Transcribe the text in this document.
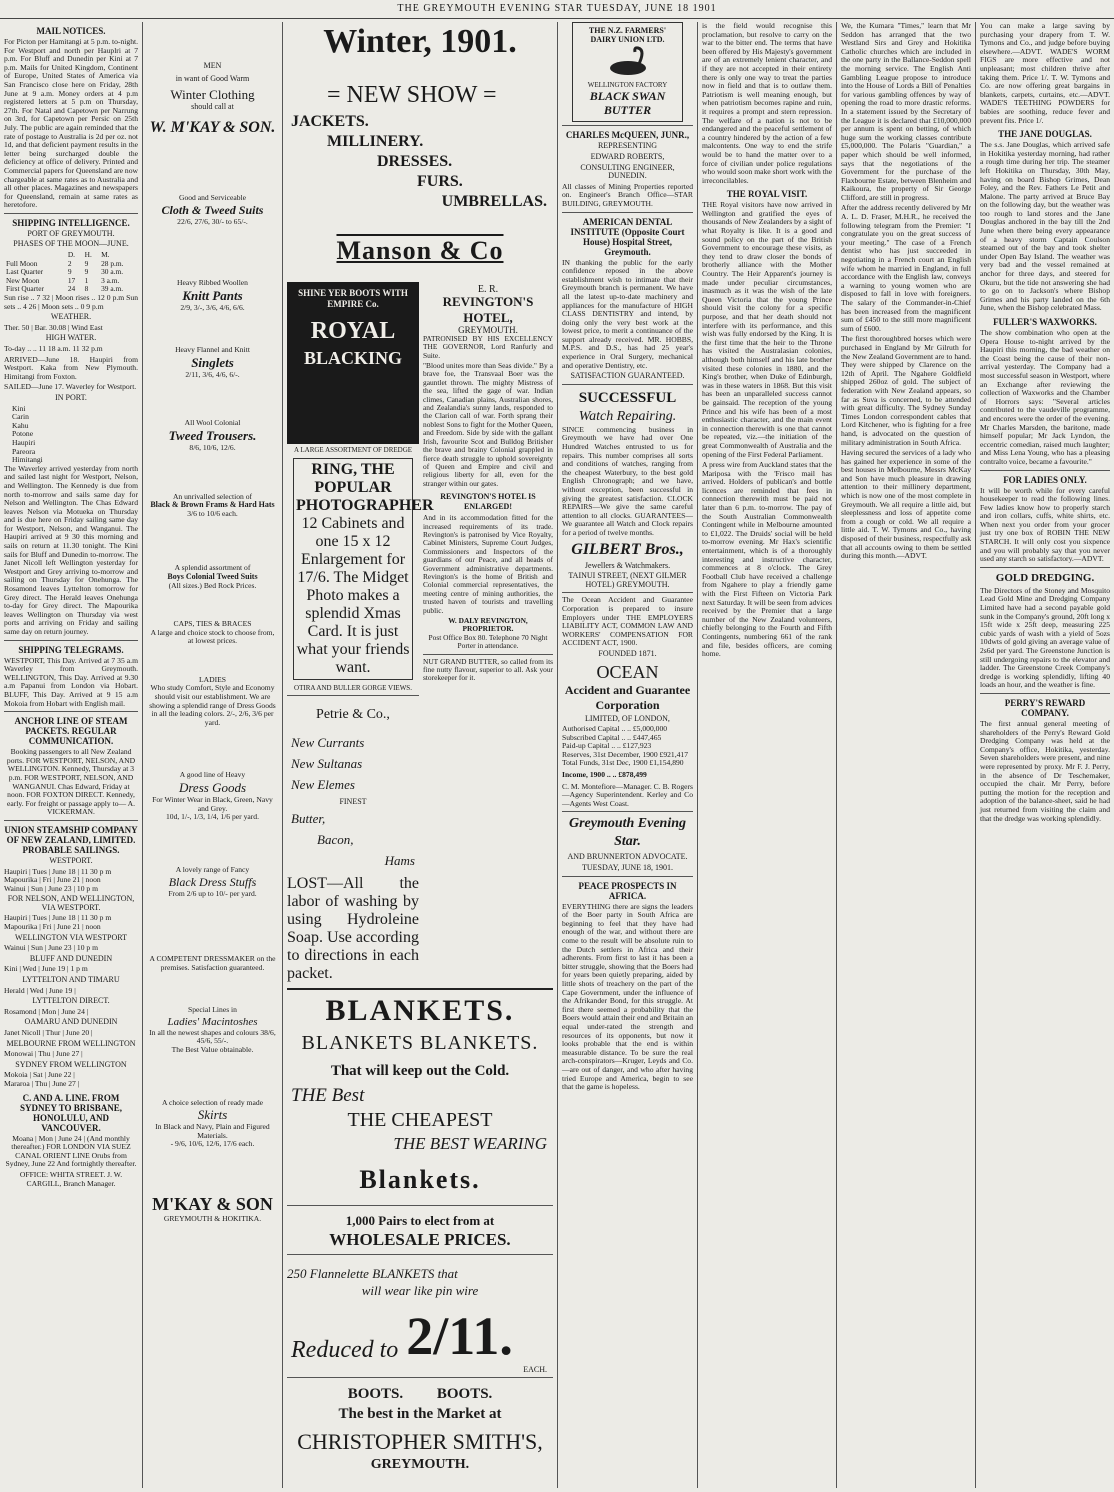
THE GREYMOUTH EVENING STAR TUESDAY, JUNE 18 1901
MAIL NOTICES.

For Picton per Hamitangi at 5 p.m. to-night. For Westport and north per Hauplri at 7 p.m. For Bluff and Dunedin per Kini at 7 p.m. Mails for United Kingdom, Continent of Europe, United States of America via San Francisco close here on Friday, 28th June at 9 a.m. Money orders at 4 p.m registered letters at 5 p.m on Thursday, 27th. For Natal and Capetown per Narrung on 3rd, for Capetown per Persic on 25th July. The public are again reminded that the rate of postage to Australia is 2d per oz. not 1d, and that deficient payment results in the letter being surcharged double the deficiency at office of delivery. Printed and Commercial papers for Queensland are now chargeable at same rates as to Australia and all other places. Magazines and newspapers for Queensland, remain at same rates as heretofore.

SHIPPING INTELLIGENCE.
PORT OF GREYMOUTH.
PHASES OF THE MOON—JUNE.
	D.	H.	M.
Full Moon	2	9	28 p.m.
Last Quarter	9	9	30 a.m.
New Moon	17	1	3 a.m.
First Quarter	24	8	39 a.m.

Sun rise .. 7 32 | Moon rises .. 12 0 p.m Sun sets .. 4 26 | Moon sets .. 0 9 p.m

WEATHER.

Ther. 50 | Bar. 30.08 | Wind East

HIGH WATER.

To-day .. .. 11 18 a.m. 11 32 p.m

ARRIVED—June 18. Haupiri from Westport. Kaka from New Plymouth. Himitangi from Foxton.

SAILED—June 17. Waverley for Westport.

IN PORT.
Kini
Carin
Kahu
Potone
Haupiri
Pareora
Himitangi

The Waverley arrived yesterday from north and sailed last night for Westport, Nelson, and Wellington. The Kennedy is due from north to-morrow and sails same day for Nelson and Wellington. The Chas Edward leaves Nelson via Motueka on Thursday and is due here on Friday sailing same day for Westport, Nelson, and Wanganui. The Haupiri arrived at 9 30 this morning and sails on return at 11.30 tonight. The Kini sails for Bluff and Dunedin to-morrow. The Janet Nicoll left Wellington yesterday for Westport and Grey arriving to-morrow and sailing on Thursday for Onehunga. The Rosamond leaves Lyttelton tomorrow for Grey direct. The Herald leaves Onehunga to-day for Grey direct. The Mapourika leaves Wellington on Thursday via west ports and arriving on Friday and sailing same day on return journey.

SHIPPING TELEGRAMS.

WESTPORT, This Day. Arrived at 7 35 a.m Waverley from Greymouth. WELLINGTON, This Day. Arrived at 9.30 a.m Papanui from London via Hobart. BLUFF, This Day. Arrived at 9 15 a.m Mokoia from Hobart with English mail.

ANCHOR LINE OF STEAM PACKETS. REGULAR COMMUNICATION.

Booking passengers to all New Zealand ports. FOR WESTPORT, NELSON, AND WELLINGTON. Kennedy, Thursday at 3 p.m. FOR WESTPORT, NELSON, AND WANGANUI. Chas Edward, Friday at noon. FOR FOXTON DIRECT. Kennedy, early. For freight or passage apply to— A. VICKERMAN.

UNION STEAMSHIP COMPANY OF NEW ZEALAND, LIMITED. PROBABLE SAILINGS.
WESTPORT.
Haupiri | Tues | June 18 | 11 30 p m
Mapourika | Fri | June 21 | noon
Wainui | Sun | June 23 | 10 p m
FOR NELSON, AND WELLINGTON, VIA WESTPORT.
Haupiri | Tues | June 18 | 11 30 p m
Mapourika | Fri | June 21 | noon
WELLINGTON VIA WESTPORT
Wainui | Sun | June 23 | 10 p m
BLUFF AND DUNEDIN
Kini | Wed | June 19 | 1 p m
LYTTELTON AND TIMARU
Herald | Wed | June 19 |
LYTTELTON DIRECT.
Rosamond | Mon | June 24 |
OAMARU AND DUNEDIN
Janet Nicoll | Thur | June 20 |
MELBOURNE FROM WELLINGTON
Monowai | Thu | June 27 |
SYDNEY FROM WELLINGTON
Mokoia | Sat | June 22 |
Mararoa | Thu | June 27 |
C. AND A. LINE. FROM SYDNEY TO BRISBANE, HONOLULU, AND VANCOUVER.

Moana | Mon | June 24 | (And monthly thereafter.) FOR LONDON VIA SUEZ CANAL ORIENT LINE Orubs from Sydney, June 22 And fortnightly thereafter.

OFFICE: WHITA STREET. J. W. CARGILL, Branch Manager.

MEN
in want of Good Warm
Winter Clothing
should call at
W. M'KAY & SON.
Good and Serviceable
Cloth & Tweed Suits
22/6, 27/6, 30/- to 65/-.
Heavy Ribbed Woollen
Knitt Pants
2/9, 3/-, 3/6, 4/6, 6/6.
Heavy Flannel and Knitt
Singlets
2/11, 3/6, 4/6, 6/-.
All Wool Colonial
Tweed Trousers.
8/6, 10/6, 12/6.
An unrivalled selection of
Black & Brown Frams & Hard Hats
3/6 to 10/6 each.
A splendid assortment of
Boys Colonial Tweed Suits
(All sizes.) Bed Rock Prices.
CAPS, TIES & BRACES
A large and choice stock to choose from, at lowest prices.
LADIES
Who study Comfort, Style and Economy should visit our establishment. We are showing a splendid range of Dress Goods in all the leading colors. 2/-, 2/6, 3/6 per yard.
A good line of Heavy
Dress Goods
For Winter Wear in Black, Green, Navy and Grey.
10d, 1/-, 1/3, 1/4, 1/6 per yard.
A lovely range of Fancy
Black Dress Stuffs
From 2/6 up to 10/- per yard.
A COMPETENT DRESSMAKER on the premises. Satisfaction guaranteed.
Special Lines in
Ladies' Macintoshes
In all the newest shapes and colours 38/6, 45/6, 55/-.
The Best Value obtainable.
A choice selection of ready made
Skirts
In Black and Navy, Plain and Figured Materials.
- 9/6, 10/6, 12/6, 17/6 each.
M'KAY & SON
GREYMOUTH & HOKITIKA.
Winter, 1901.
= NEW SHOW =
JACKETS.
MILLINERY.
DRESSES.
FURS.
UMBRELLAS.
Manson & Co
SHINE YER BOOTS WITH EMPIRE Co.
ROYAL
BLACKING
A LARGE ASSORTMENT OF DREDGE
RING, THE POPULAR PHOTOGRAPHER
12 Cabinets and one 15 x 12 Enlargement for 17/6. The Midget Photo makes a splendid Xmas Card. It is just what your friends want.
OTIRA AND BULLER GORGE VIEWS.
Petrie & Co.,
New Currants
New Sultanas
New Elemes
FINEST
Butter,
Bacon,
Hams

LOST—All the labor of washing by using Hydroleine Soap. Use according to directions in each packet.

E. R.
REVINGTON'S HOTEL,
GREYMOUTH.

PATRONISED BY HIS EXCELLENCY THE GOVERNOR, Lord Ranfurly and Suite.

"Blood unites more than Seas divide." By a brave foe, the Transvaal Boer was the gauntlet thrown. The mighty Mistress of the sea, lifted the gage of war. Indian climes, Canadian plains, Australian shores, and Zealandia's sunny lands, responded to the Clarion call of war. Forth sprang their noblest Sons to fight for the Mother Queen, and Freedom. Side by side with the gallant Irish, favourite Scot and Bulldog Britisher the brave and brainy Colonial grappled in fierce death struggle to uphold sovereignty of Queen and Empire and civil and religious liberty for all, even for the stranger within our gates.

REVINGTON'S HOTEL IS ENLARGED!

And in its accommodation fitted for the increased requirements of its trade. Revington's is patronised by Vice Royalty, Cabinet Ministers, Supreme Court Judges, Commissioners and Inspectors of the guardians of our Peace, and all heads of Government administrative departments. Revington's is the home of British and Colonial commercial representatives, the meeting centre of mining authorities, the trusted haven of tourists and travelling public.

W. DALY REVINGTON, PROPRIETOR.
Post Office Box 80. Telephone 70 Night Porter in attendance.

NUT GRAND BUTTER, so called from its fine nutty flavour, superior to all. Ask your storekeeper for it.

BLANKETS.
BLANKETS BLANKETS.
That will keep out the Cold.
THE Best
THE CHEAPEST
THE BEST WEARING
Blankets.
1,000 Pairs to elect from at
WHOLESALE PRICES.
250 Flannelette BLANKETS that
will wear like pin wire
Reduced to 2/11.
EACH.
BOOTS. BOOTS.
The best in the Market at
CHRISTOPHER SMITH'S,
GREYMOUTH.
THE N.Z. FARMERS' DAIRY UNION LTD.
WELLINGTON FACTORY
BLACK SWAN BUTTER
CHARLES McQUEEN, JUNR.,
REPRESENTING
EDWARD ROBERTS,
CONSULTING ENGINEER, DUNEDIN.

All classes of Mining Properties reported on. Engineer's Branch Office—STAR BUILDING, GREYMOUTH.

AMERICAN DENTAL INSTITUTE (Opposite Court House) Hospital Street, Greymouth.

IN thanking the public for the early confidence reposed in the above establishment wish to intimate that their Greymouth branch is permanent. We have all the latest up-to-date machinery and appliances for the manufacture of HIGH CLASS DENTISTRY and intend, by doing only the very best work at the lowest price, to merit a continuance of the support already received. MR. HOBBS, M.P.S. and D.S., has had 25 year's experience in Oral Surgery, mechanical and operative Dentistry, etc.

SATISFACTION GUARANTEED.
SUCCESSFUL
Watch Repairing.

SINCE commencing business in Greymouth we have had over One Hundred Watches entrusted to us for repairs. This number comprises all sorts and conditions of watches, ranging from the cheapest Waterbury, to the best gold English Chronograph; and we have, without exception, been successful in giving the greatest satisfaction. CLOCK REPAIRS—We give the same careful attention to all clocks. GUARANTEES—We guarantee all Watch and Clock repairs for a period of twelve months.

GILBERT Bros.,
Jewellers & Watchmakers.
TAINUI STREET, (NEXT GILMER HOTEL) GREYMOUTH.

The Ocean Accident and Guarantee Corporation is prepared to insure Employers under THE EMPLOYERS LIABILITY ACT, COMMON LAW AND WORKERS' COMPENSATION FOR ACCIDENT ACT, 1900.

FOUNDED 1871.
OCEAN
Accident and Guarantee Corporation
LIMITED, OF LONDON,
Authorised Capital .. .. £5,000,000
Subscribed Capital .. .. £447,465
Paid-up Capital .. .. £127,923
Reserves, 31st December, 1900 £921,417
Total Funds, 31st Dec, 1900 £1,154,890
Income, 1900 .. .. £878,499

C. M. Montefiore—Manager. C. B. Rogers—Agency Superintendent. Kerley and Co—Agents West Coast.

Greymouth Evening Star.
AND BRUNNERTON ADVOCATE.
TUESDAY, JUNE 18, 1901.
PEACE PROSPECTS IN AFRICA.

EVERYTHING there are signs the leaders of the Boer party in South Africa are beginning to feel that they have had enough of the war, and without there are come to the result will be absolute ruin to the Dutch settlers in Africa and their adherents. From first to last it has been a bitter struggle, showing that the Boers had for years been quietly preparing, aided by little shots of treachery on the part of the Cape Government, under the influence of the Afrikander Bond, for this struggle. At first there seemed a probability that the Boers would attain their end and Britain an equal under-rated the strength and resources of its opponents, but now it looks probable that the end is within measurable distance. To be sure the real arch-conspirators—Kruger, Leyds and Co.—are out of danger, and who after having tried Europe and America, begin to see that the game is hopeless.

is the field would recognise this proclamation, but resolve to carry on the war to the bitter end. The terms that have been offered by His Majesty's government are of an extremely lenient character, and if they are not accepted in their entirety there is only one way to treat the parties now in field and that is to outlaw them. Patriotism is well meaning enough, but when patriotism becomes rapine and ruin, it requires a prompt and stern repression. The welfare of a nation is not to be endangered and the peaceful settlement of a country hindered by the action of a few malcontents. One way to end the strife would be to hand the matter over to a force of civilian under police regulations who would soon make short work with the irreconcilables.

THE ROYAL VISIT.

THE Royal visitors have now arrived in Wellington and gratified the eyes of thousands of New Zealanders by a sight of what Royalty is like. It is a good and sound policy on the part of the British Government to encourage these visits, as they tend to draw closer the bonds of brotherly alliance with the Mother Country. The Heir Apparent's journey is made under peculiar circumstances, inasmuch as it was the wish of the late Queen Victoria that the young Prince should visit the colony for a specific purpose, and that her death should not interfere with its performance, and this wish was fully endorsed by the King. It is the first time that the heir to the Throne has visited the Australasian colonies, although both himself and his late brother visited these colonies in 1880, and the King's brother, when Duke of Edinburgh, was in these waters in 1868. But this visit has been an unparalleled success cannot be gainsaid. The reception of the young Prince and his wife has been of a most enthusiastic character, and the main event in connection therewith is one that cannot be repeated, viz.—the initiation of the great Commonwealth of Australia and the opening of the First Federal Parliament.

A press wire from Auckland states that the Mariposa with the 'Frisco mail has arrived. Holders of publican's and bottle licences are reminded that fees in connection therewith must be paid not later than 6 p.m. to-morrow. The pay of the South Australian Commonwealth Contingent while in Melbourne amounted to £1,022. The Druids' social will be held to-morrow evening. Mr Hax's scientific entertainment, which is of a thoroughly interesting and instructive character, commences at 8 o'clock. The Grey Football Club have received a challenge from Ngahere to play a friendly game with the First Fifteen on Victoria Park next Saturday. It will be seen from advices received by the Premier that a large number of the New Zealand volunteers, chiefly belonging to the Fourth and Fifth Contingents, numbering 661 of the rank and file, besides officers, are coming home.

We, the Kumara "Times," learn that Mr Seddon has arranged that the two Westland Sirs and Grey and Hokitika Catholic churches which are included in the one party in the Ballance-Seddon spell the morning service. The English Anti Gambling League propose to introduce into the House of Lords a Bill of Penalties for various gambling offences by way of opening the road to more drastic reforms. In a statement issued by the Secretary of the League it is declared that £10,000,000 per annum is spent on betting, of which huge sum the working classes contribute £5,000,000. The Polaris "Guardian," a paper which should be well informed, says that the negotiations of the Government for the purchase of the Flaxbourne Estate, between Blenheim and Kaikoura, the property of Sir George Clifford, are still in progress.

After the address recently delivered by Mr A. L. D. Fraser, M.H.R., he received the following telegram from the Premier: "I congratulate you on the great success of your meeting." The case of a French dentist who has just succeeded in negotiating in a French court an English wife whom he married in England, in full accordance with the English law, conveys a warning to young women who are disposed to fall in love with foreigners. The salary of the Commander-in-Chief has been increased from the magnificent sum of £450 to the still more magnificent sum of £600.

The first thoroughbred horses which were purchased in England by Mr Gilruth for the New Zealand Government are to hand. They were shipped by Clarence on the 12th of April. The Ngahere Goldfield shipped 260oz of gold. The subject of federation with New Zealand appears, so far as Suva is concerned, to be attended with great difficulty. The Sydney Sunday Times London correspondent cables that Lord Kitchener, who is fighting for a free hand, is advocated on the question of military administration in South Africa.

Having secured the services of a lady who has gained her experience in some of the best houses in Melbourne, Messrs McKay and Son have much pleasure in drawing attention to their millinery department, which is now one of the most complete in Greymouth. We all require a little aid, but sleeplessness and loss of appetite come from a cough or cold. We all require a little aid. T. W. Tymons and Co., having disposed of their business, respectfully ask that all accounts owing to them be settled during this month.—ADVT.

You can make a large saving by purchasing your drapery from T. W. Tymons and Co., and judge before buying elsewhere.—ADVT. WADE'S WORM FIGS are more effective and not unpleasant; most children thrive after taking them. Price 1/. T. W. Tymons and Co. are now offering great bargains in blankets, carpets, curtains, etc.—ADVT. WADE'S TEETHING POWDERS for babies are soothing, reduce fever and prevent fits. Price 1/.

THE JANE DOUGLAS.

The s.s. Jane Douglas, which arrived safe in Hokitika yesterday morning, had rather a rough time during her trip. The steamer left Hokitika on Thursday, 30th May, having on board Bishop Grimes, Dean Foley, and the Rev. Fathers Le Petit and Malone. The party arrived at Bruce Bay on the following day, but the weather was too rough to land stores and the Jane Douglas anchored in the bay till the 2nd June when there being every appearance of a heavy storm Captain Coulson steamed out of the bay and took shelter under Open Bay Island. The weather was very bad and the vessel remained at anchor for three days, and steered for Okuru, but the tide not answering she had to go on to Jackson's where Bishop Grimes and his party landed on the 6th June, when the Bishop celebrated Mass.

FULLER'S WAXWORKS.

The show combination who open at the Opera House to-night arrived by the Haupiri this morning, the bad weather on the Coast being the cause of their non-arrival yesterday. The Company had a most successful season in Westport, where an Exchange after reviewing the collection of Waxworks and the Chamber of Horrors says: "Several articles contributed to the vaudeville programme, and encores were the order of the evening. Mr Charles Marsden, the baritone, made himself popular; Mr Jack Lyndon, the eccentric comedian, raised much laughter; and Miss Lena Young, who has a pleasing contralto voice, became a favourite."

FOR LADIES ONLY.

It will be worth while for every careful housekeeper to read the following lines. Few ladies know how to properly starch and iron collars, cuffs, white shirts, etc. When next you order from your grocer just try one box of ROBIN THE NEW STARCH. It will only cost you sixpence and you will probably say that you never used any starch so satisfactory.—ADVT.

GOLD DREDGING.

The Directors of the Stoney and Mosquito Lead Gold Mine and Dredging Company Limited have had a second payable gold sunk in the Company's ground, 20ft long x 15ft wide x 25ft deep, measuring 225 cubic yards of wash with a yield of 5ozs 10dwts of gold giving an average value of 2s6d per yard. The Greenstone Junction is still undergoing repairs to the elevator and ladder. The Greenstone Creek Company's dredge is working splendidly, lifting 40 loads an hour, and the weather is fine.

PERRY'S REWARD COMPANY.

The first annual general meeting of shareholders of the Perry's Reward Gold Dredging Company was held at the Company's office, Hokitika, yesterday. Seven shareholders were present, and nine were represented by proxy. Mr F. J. Perry, in the absence of Dr Teschemaker, occupied the chair. Mr Perry, before putting the motion for the reception and adoption of the balance-sheet, said he had just returned from visiting the claim and that the dredge was working splendidly.
